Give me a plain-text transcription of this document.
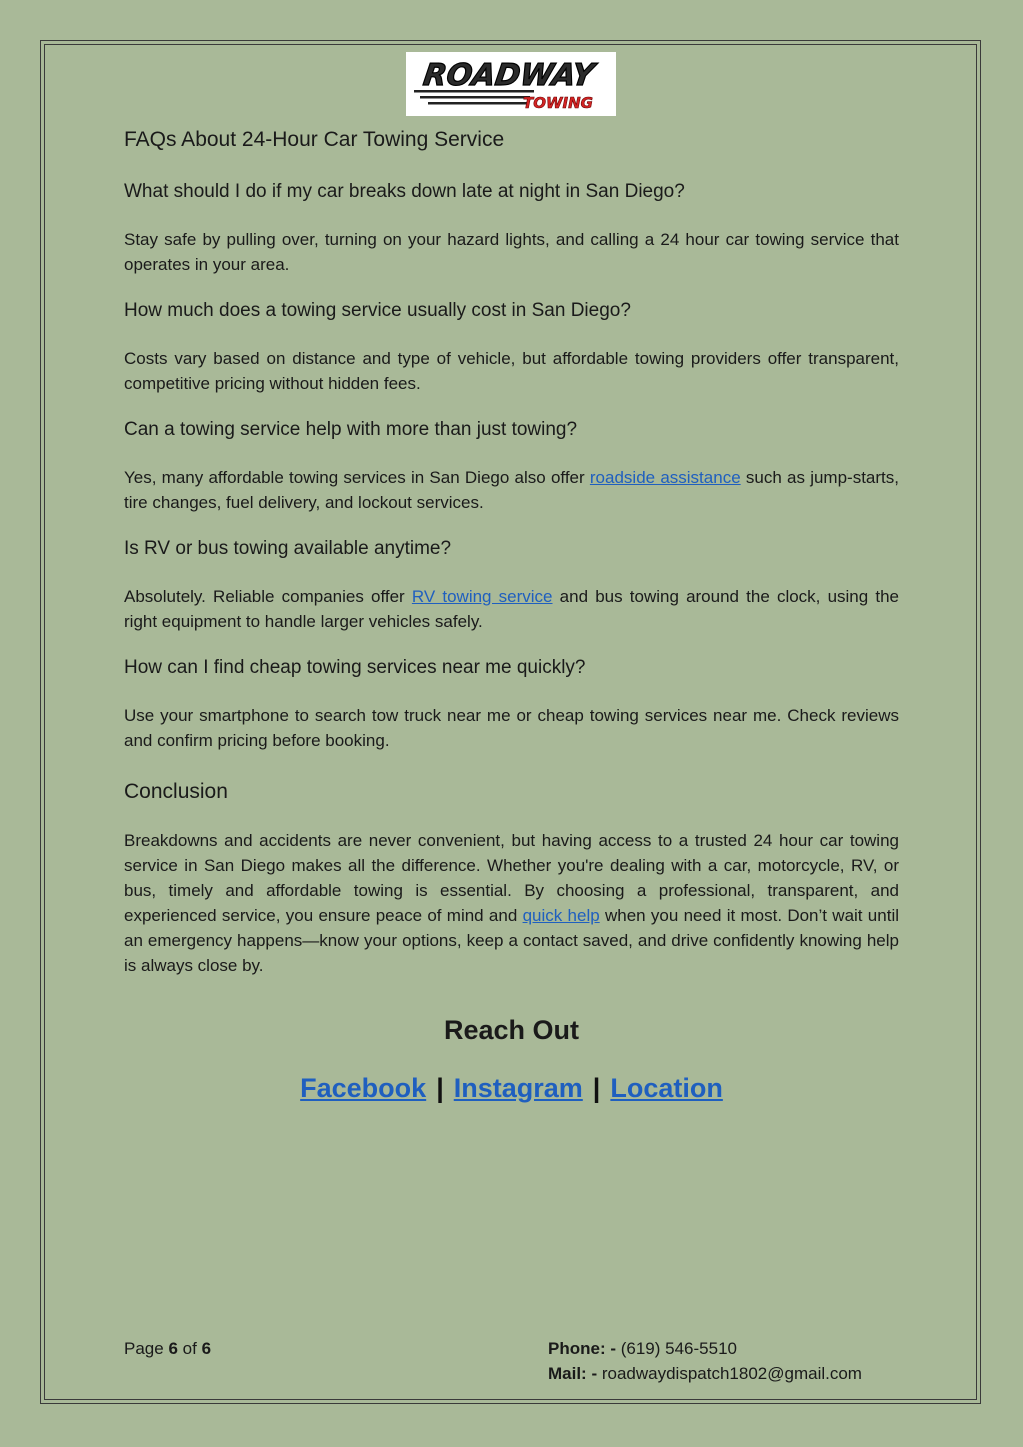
ROADWAY
TOWING
FAQs About 24-Hour Car Towing Service
What should I do if my car breaks down late at night in San Diego?

Stay safe by pulling over, turning on your hazard lights, and calling a 24 hour car towing service that operates in your area.

How much does a towing service usually cost in San Diego?

Costs vary based on distance and type of vehicle, but affordable towing providers offer transparent, competitive pricing without hidden fees.

Can a towing service help with more than just towing?

Yes, many affordable towing services in San Diego also offer roadside assistance such as jump-starts, tire changes, fuel delivery, and lockout services.

Is RV or bus towing available anytime?

Absolutely. Reliable companies offer RV towing service and bus towing around the clock, using the right equipment to handle larger vehicles safely.

How can I find cheap towing services near me quickly?

Use your smartphone to search tow truck near me or cheap towing services near me. Check reviews and confirm pricing before booking.

Conclusion

Breakdowns and accidents are never convenient, but having access to a trusted 24 hour car towing service in San Diego makes all the difference. Whether you're dealing with a car, motorcycle, RV, or bus, timely and affordable towing is essential. By choosing a professional, transparent, and experienced service, you ensure peace of mind and quick help when you need it most. Don’t wait until an emergency happens—know your options, keep a contact saved, and drive confidently knowing help is always close by.

Reach Out
Facebook | Instagram | Location
Page 6 of 6	Phone: - (619) 546-5510
Mail: - roadwaydispatch1802@gmail.com
